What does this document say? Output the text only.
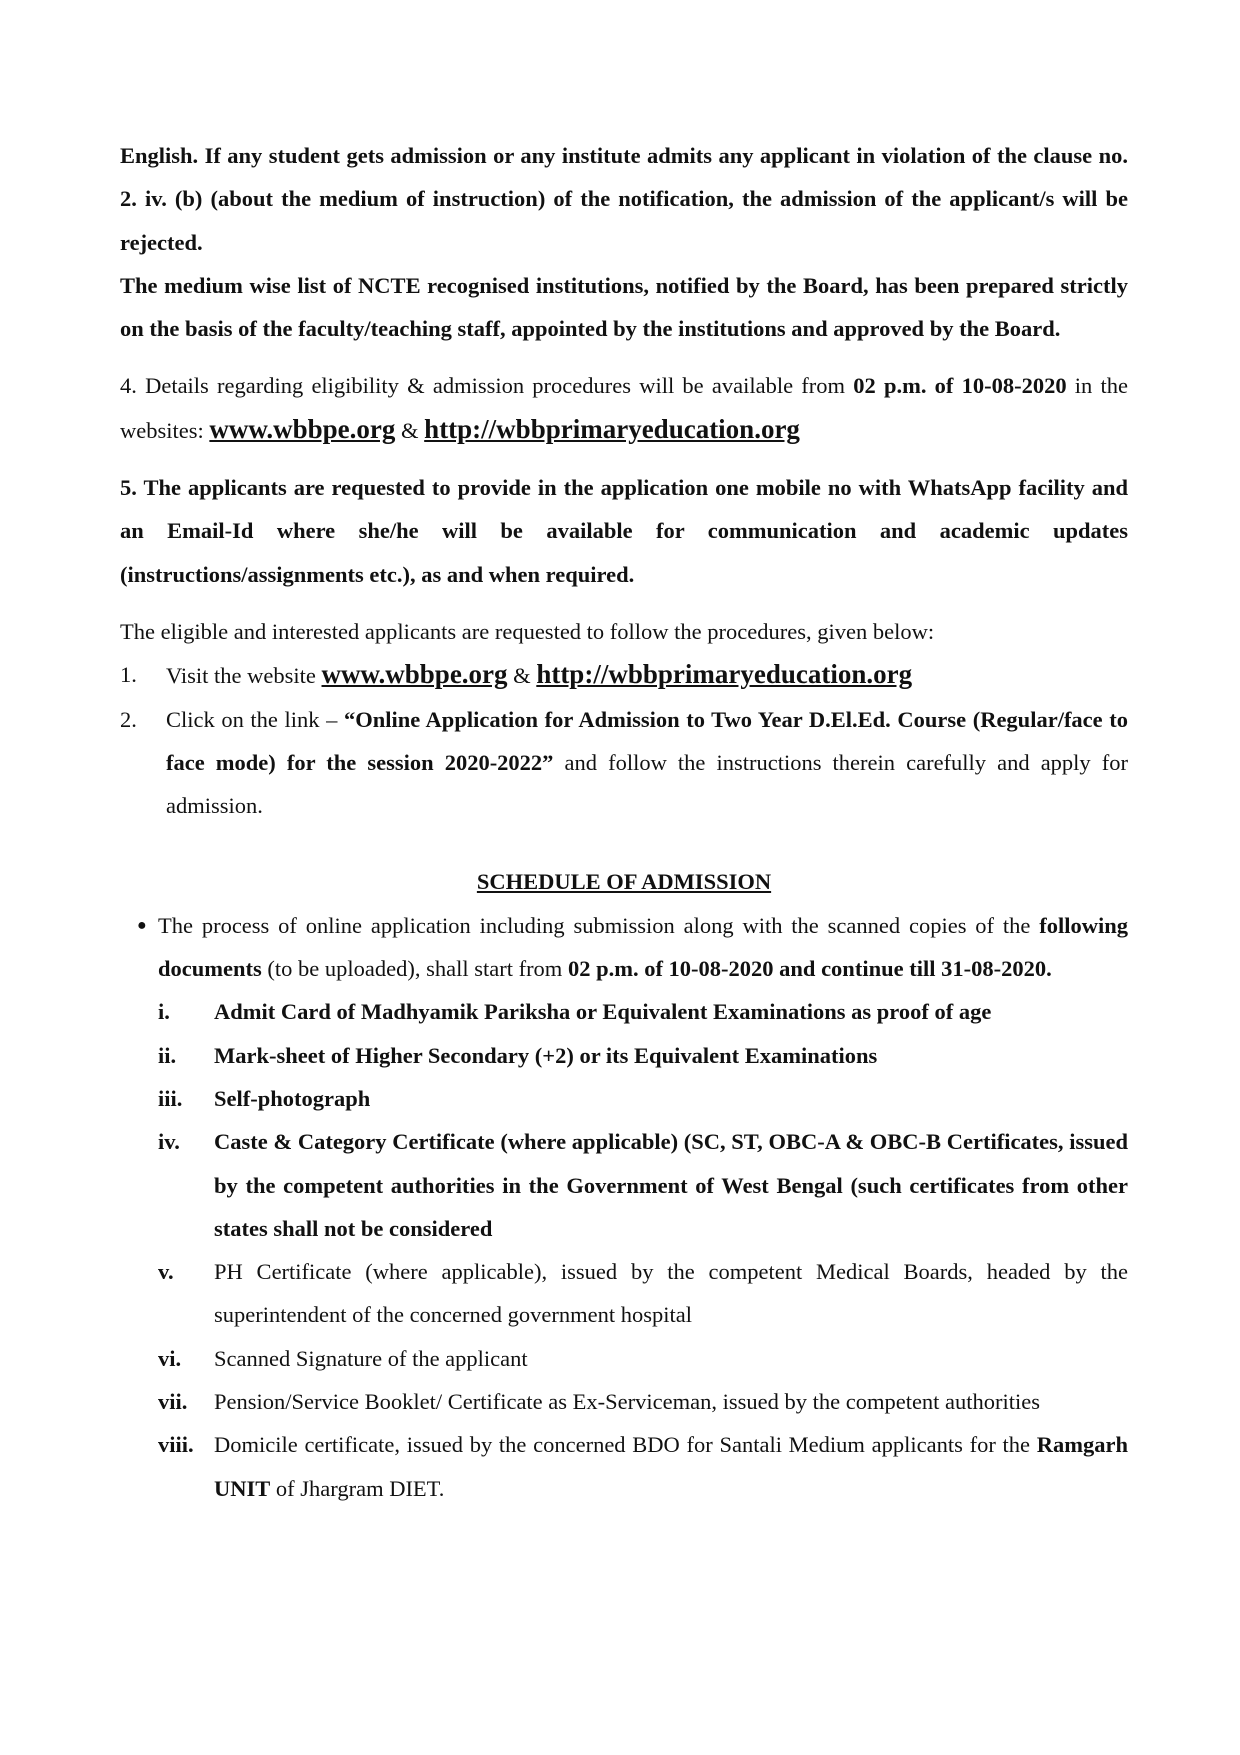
English. If any student gets admission or any institute admits any applicant in violation of the clause no. 2. iv. (b) (about the medium of instruction) of the notification, the admission of the applicant/s will be rejected.

The medium wise list of NCTE recognised institutions, notified by the Board, has been prepared strictly on the basis of the faculty/teaching staff, appointed by the institutions and approved by the Board.

4. Details regarding eligibility & admission procedures will be available from 02 p.m. of 10-08-2020 in the websites: www.wbbpe.org & http://wbbprimaryeducation.org

5. The applicants are requested to provide in the application one mobile no with WhatsApp facility and an Email-Id where she/he will be available for communication and academic updates (instructions/assignments etc.), as and when required.

The eligible and interested applicants are requested to follow the procedures, given below:

1.	Visit the website www.wbbpe.org & http://wbbprimaryeducation.org
2.	Click on the link – “Online Application for Admission to Two Year D.El.Ed. Course (Regular/face to face mode) for the session 2020-2022” and follow the instructions therein carefully and apply for admission.
SCHEDULE OF ADMISSION
● The process of online application including submission along with the scanned copies of the following documents (to be uploaded), shall start from 02 p.m. of 10-08-2020 and continue till 31-08-2020.
i.	Admit Card of Madhyamik Pariksha or Equivalent Examinations as proof of age
ii.	Mark-sheet of Higher Secondary (+2) or its Equivalent Examinations
iii.	Self-photograph
iv.	Caste & Category Certificate (where applicable) (SC, ST, OBC-A & OBC-B Certificates, issued by the competent authorities in the Government of West Bengal (such certificates from other states shall not be considered
v.	PH Certificate (where applicable), issued by the competent Medical Boards, headed by the superintendent of the concerned government hospital
vi.	Scanned Signature of the applicant
vii.	Pension/Service Booklet/ Certificate as Ex-Serviceman, issued by the competent authorities
viii. Domicile certificate, issued by the concerned BDO for Santali Medium applicants for the Ramgarh UNIT of Jhargram DIET.
